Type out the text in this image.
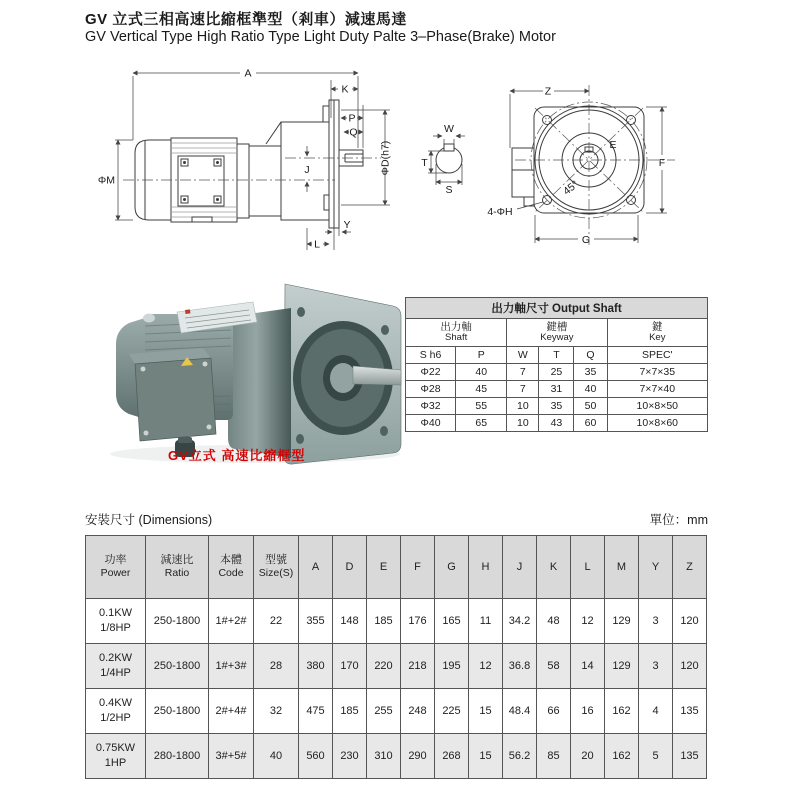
GV 立式三相高速比縮框準型（剎車）減速馬達
GV Vertical Type High Ratio Type Light Duty Palte 3–Phase(Brake) Motor
A
K
P
Q
J
ΦM
ΦD(h7)
Y
L
Z
F
G
E
45°
4-ΦH
W
T
S
GV立式 高速比縮框型
出力軸尺寸 Output Shaft					

出力軸
Shaft

鍵槽
Keyway

鍵
Key

S h6	P	W	T	Q	SPEC'
Φ22	40	7	25	35	7×7×35
Φ28	45	7	31	40	7×7×40
Φ32	55	10	35	50	10×8×50
Φ40	65	10	43	60	10×8×60
安裝尺寸 (Dimensions)	單位：mm
功率
Power

減速比
Ratio

本體
Code

型號
Size(S)
	A	D	E	F	G	H	J	K	L	M	Y	Z

0.1KW
1/8HP	250-1800	1#+2#	22	355	148	185	176	165	11	34.2	48	12	129	3	120

0.2KW
1/4HP	250-1800	1#+3#	28	380	170	220	218	195	12	36.8	58	14	129	3	120

0.4KW
1/2HP	250-1800	2#+4#	32	475	185	255	248	225	15	48.4	66	16	162	4	135

0.75KW
1HP	280-1800	3#+5#	40	560	230	310	290	268	15	56.2	85	20	162	5	135
